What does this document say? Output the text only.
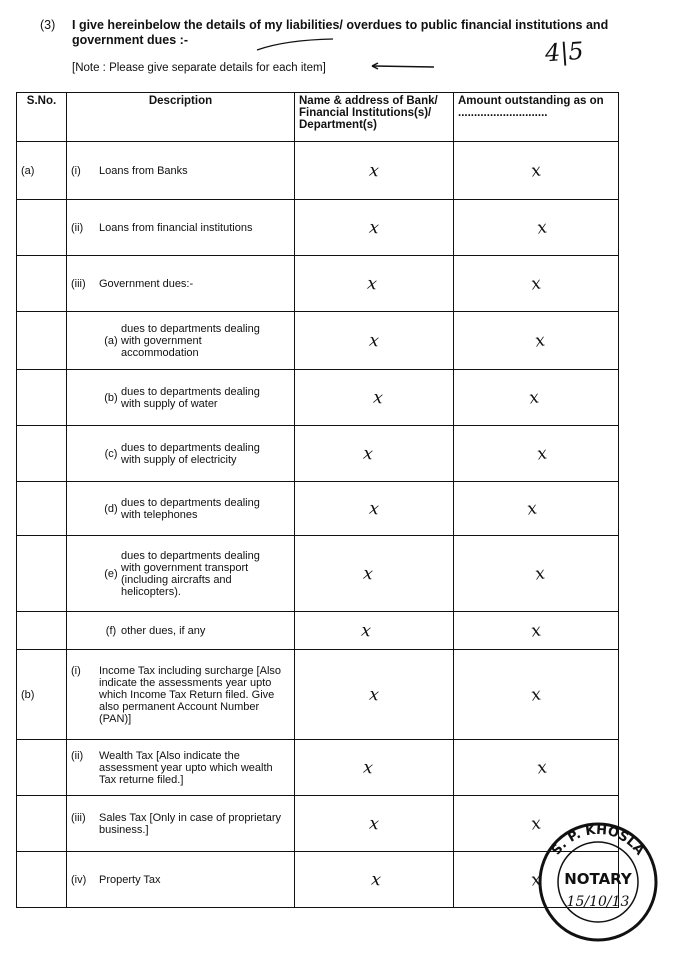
(3) I give hereinbelow the details of my liabilities/ overdues to public financial institutions and government dues :-	4|5
[Note : Please give separate details for each item]
S.No.	Description	Name & address of Bank/ Financial Institutions(s)/ Department(s)	Amount outstanding as on ............................
(a)	(i) Loans from Banks	x	x

	(ii) Loans from financial institutions	x	x

	(iii) Government dues:-	x	x

	(a)dues to departments dealing with government accommodation	x	x

	(b) dues to departments dealing with supply of water	x	x

	(c) dues to departments dealing with supply of electricity	x	x

	(d) dues to departments dealing with telephones	x	x

	(e)dues to departments dealing with government transport (including aircrafts and helicopters).	x	x

	(f) other dues, if any	x	x

(b)	(i) Income Tax including surcharge [Also indicate the assessments year upto which Income Tax Return filed. Give also permanent Account Number (PAN)]	x	x

	(ii) Wealth Tax [Also indicate the assessment year upto which wealth Tax returne filed.]	x	x

	(iii) Sales Tax [Only in case of proprietary business.]	x	x

	(iv) Property Tax	x	x
S. P. KHOSLA
NOTARY
15/10/13
